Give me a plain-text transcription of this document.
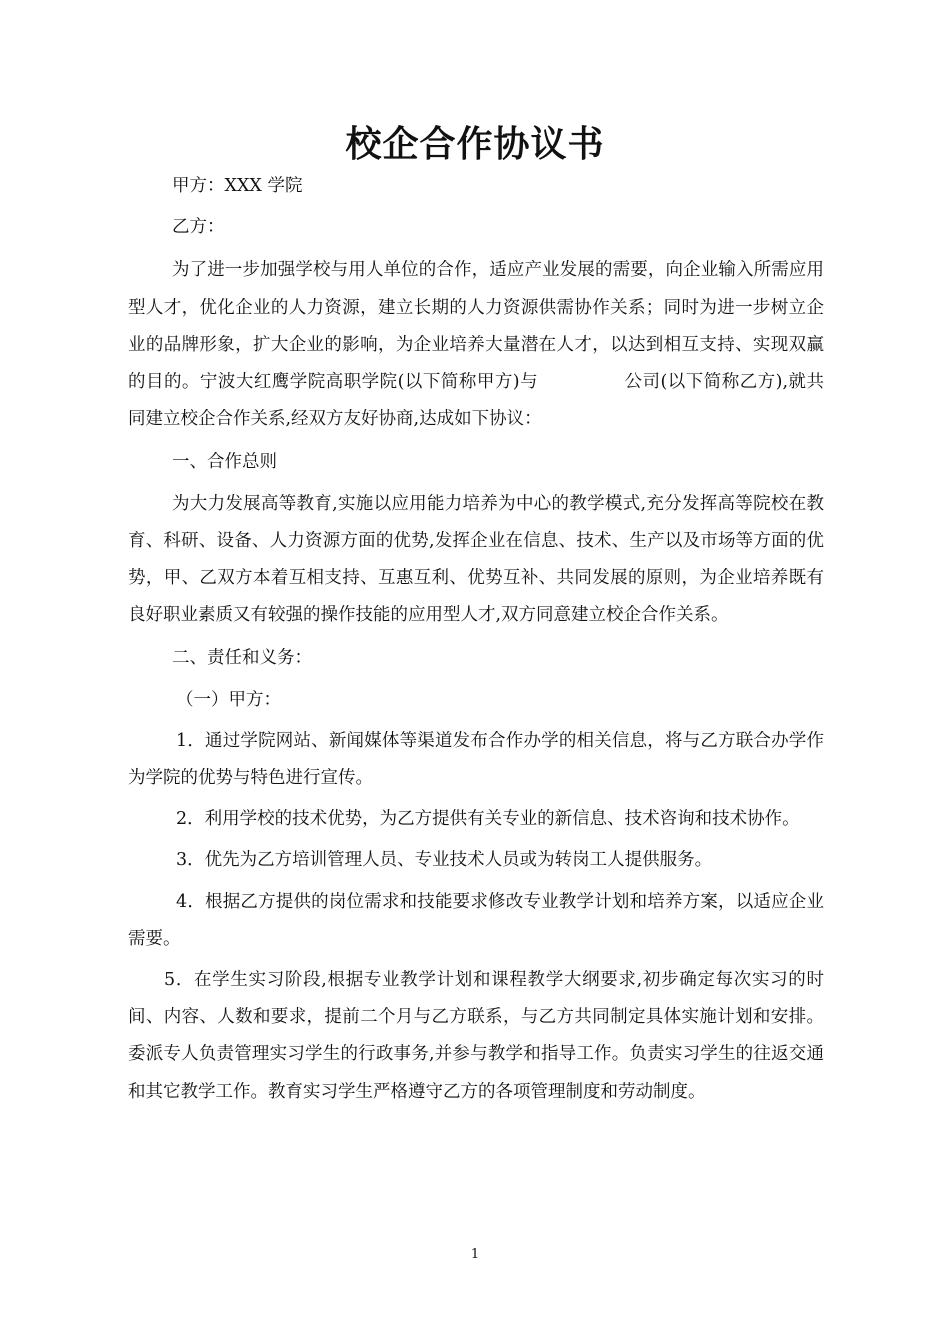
校企合作协议书

甲方：XXX 学院

乙方：

为了进一步加强学校与用人单位的合作，适应产业发展的需要，向企业输入所需应用型人才，优化企业的人力资源，建立长期的人力资源供需协作关系；同时为进一步树立企业的品牌形象，扩大企业的影响，为企业培养大量潜在人才，以达到相互支持、实现双赢的目的。宁波大红鹰学院高职学院(以下简称甲方)与	公司(以下简称乙方),就共同建立校企合作关系,经双方友好协商,达成如下协议：

一、合作总则

为大力发展高等教育,实施以应用能力培养为中心的教学模式,充分发挥高等院校在教育、科研、设备、人力资源方面的优势,发挥企业在信息、技术、生产以及市场等方面的优势，甲、乙双方本着互相支持、互惠互利、优势互补、共同发展的原则，为企业培养既有良好职业素质又有较强的操作技能的应用型人才,双方同意建立校企合作关系。

二、责任和义务：

（一）甲方：

1．通过学院网站、新闻媒体等渠道发布合作办学的相关信息，将与乙方联合办学作为学院的优势与特色进行宣传。

2．利用学校的技术优势，为乙方提供有关专业的新信息、技术咨询和技术协作。

3．优先为乙方培训管理人员、专业技术人员或为转岗工人提供服务。

4．根据乙方提供的岗位需求和技能要求修改专业教学计划和培养方案，以适应企业需要。

5．在学生实习阶段,根据专业教学计划和课程教学大纲要求,初步确定每次实习的时间、内容、人数和要求，提前二个月与乙方联系，与乙方共同制定具体实施计划和安排。委派专人负责管理实习学生的行政事务,并参与教学和指导工作。负责实习学生的往返交通和其它教学工作。教育实习学生严格遵守乙方的各项管理制度和劳动制度。

1
